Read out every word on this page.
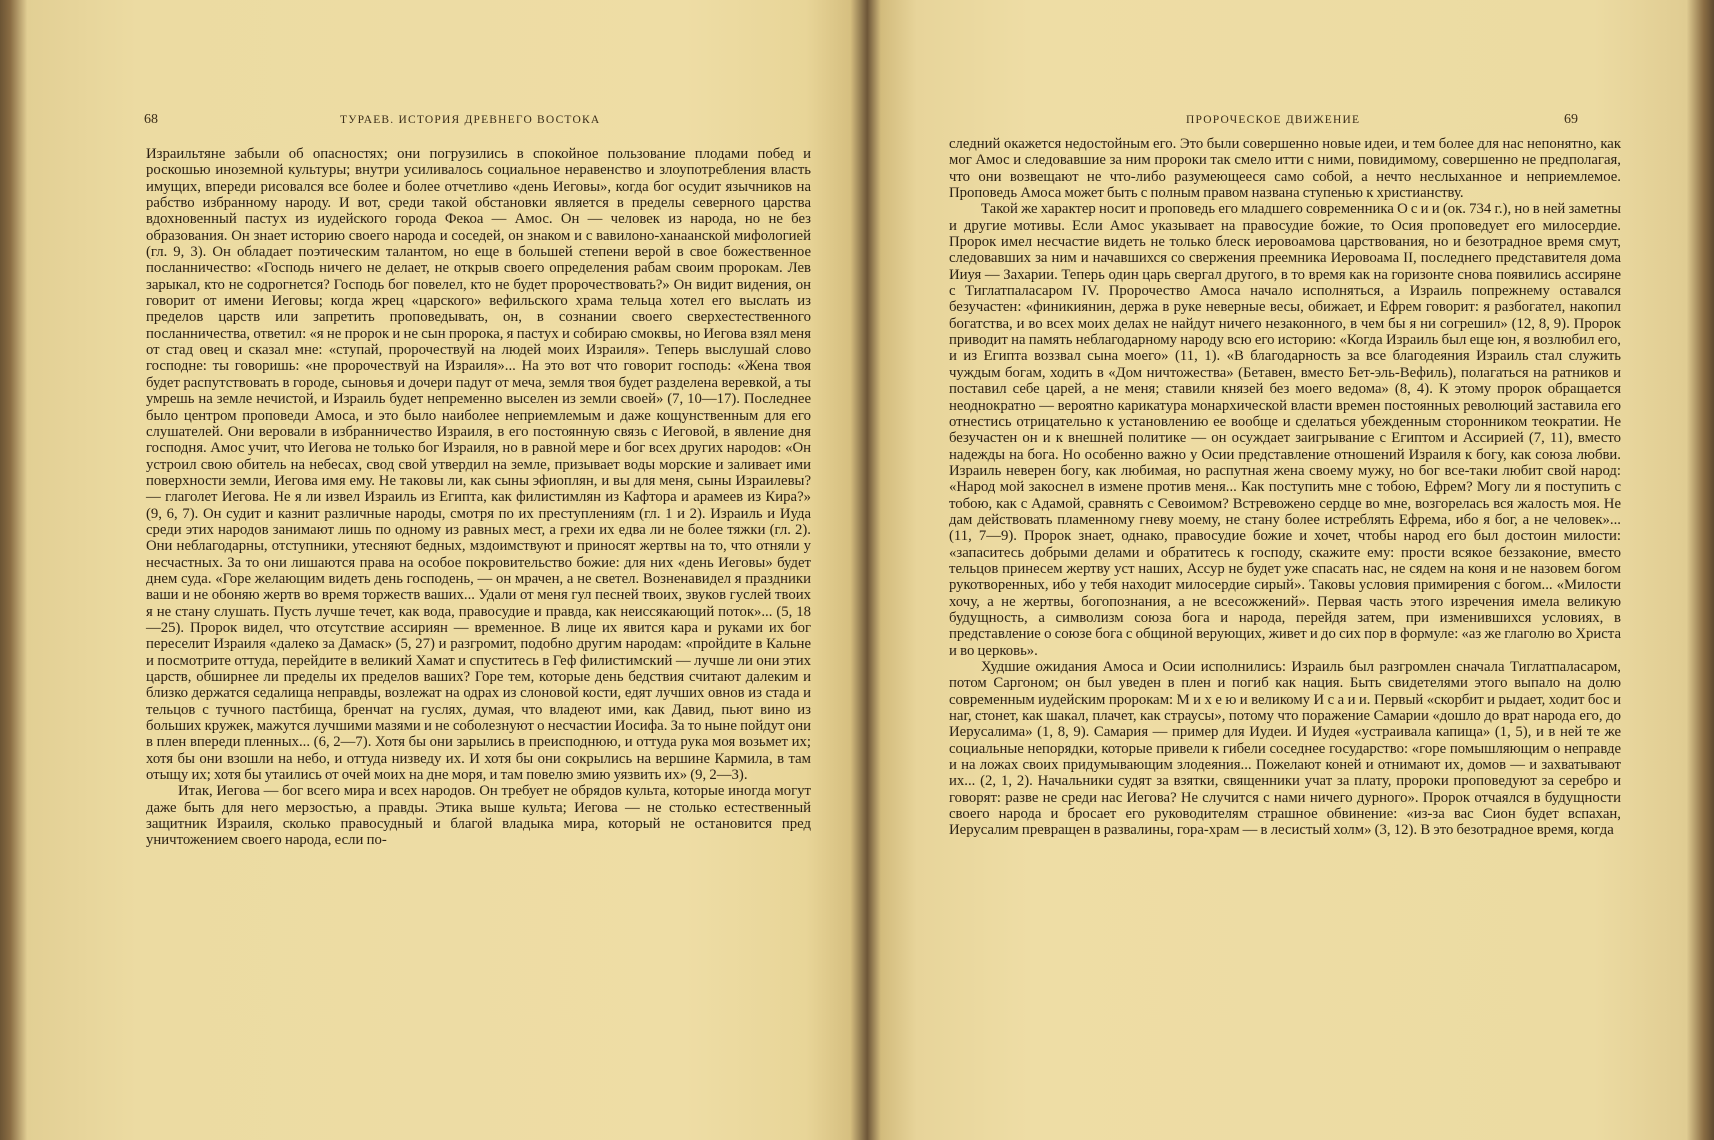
68	ТУРАЕВ. ИСТОРИЯ ДРЕВНЕГО ВОСТОКА

Израильтяне забыли об опасностях; они погрузились в спокойное пользование плодами побед и роскошью иноземной культуры; внутри усиливалось социальное неравенство и злоупотребления власть имущих, впереди рисовался все более и более отчетливо «день Иеговы», когда бог осудит язычников на рабство избранному народу. И вот, среди такой обстановки является в пределы северного царства вдохновенный пастух из иудейского города Фекоа — Амос. Он — человек из народа, но не без образования. Он знает историю своего народа и соседей, он знаком и с вавилоно-ханаанской мифологией (гл. 9, 3). Он обладает поэтическим талантом, но еще в большей степени верой в свое божественное посланничество: «Господь ничего не делает, не открыв своего определения рабам своим пророкам. Лев зарыкал, кто не содрогнется? Господь бог повелел, кто не будет пророчествовать?» Он видит видения, он говорит от имени Иеговы; когда жрец «царского» вефильского храма тельца хотел его выслать из пределов царств или запретить проповедывать, он, в сознании своего сверхестественного посланничества, ответил: «я не пророк и не сын пророка, я пастух и собираю смоквы, но Иегова взял меня от стад овец и сказал мне: «ступай, пророчествуй на людей моих Израиля». Теперь выслушай слово господне: ты говоришь: «не пророчествуй на Израиля»... На это вот что говорит господь: «Жена твоя будет распутствовать в городе, сыновья и дочери падут от меча, земля твоя будет разделена веревкой, а ты умрешь на земле нечистой, и Израиль будет непременно выселен из земли своей» (7, 10—17). Последнее было центром проповеди Амоса, и это было наиболее неприемлемым и даже кощунственным для его слушателей. Они веровали в избранничество Израиля, в его постоянную связь с Иеговой, в явление дня господня. Амос учит, что Иегова не только бог Израиля, но в равной мере и бог всех других народов: «Он устроил свою обитель на небесах, свод свой утвердил на земле, призывает воды морские и заливает ими поверхности земли, Иегова имя ему. Не таковы ли, как сыны эфиоплян, и вы для меня, сыны Израилевы? — глаголет Иегова. Не я ли извел Израиль из Египта, как филистимлян из Кафтора и арамеев из Кира?» (9, 6, 7). Он судит и казнит различные народы, смотря по их преступлениям (гл. 1 и 2). Израиль и Иуда среди этих народов занимают лишь по одному из равных мест, а грехи их едва ли не более тяжки (гл. 2). Они неблагодарны, отступники, утесняют бедных, мздоимствуют и приносят жертвы на то, что отняли у несчастных. За то они лишаются права на особое покровительство божие: для них «день Иеговы» будет днем суда. «Горе желающим видеть день господень, — он мрачен, а не светел. Возненавидел я праздники ваши и не обоняю жертв во время торжеств ваших... Удали от меня гул песней твоих, звуков гуслей твоих я не стану слушать. Пусть лучше течет, как вода, правосудие и правда, как неиссякающий поток»... (5, 18—25). Пророк видел, что отсутствие ассириян — временное. В лице их явится кара и руками их бог переселит Израиля «далеко за Дамаск» (5, 27) и разгромит, подобно другим народам: «пройдите в Кальне и посмотрите оттуда, перейдите в великий Хамат и спуститесь в Геф филистимский — лучше ли они этих царств, обширнее ли пределы их пределов ваших? Горе тем, которые день бедствия считают далеким и близко держатся седалища неправды, возлежат на одрах из слоновой кости, едят лучших овнов из стада и тельцов с тучного пастбища, бренчат на гуслях, думая, что владеют ими, как Давид, пьют вино из больших кружек, мажутся лучшими мазями и не соболезнуют о несчастии Иосифа. За то ныне пойдут они в плен впереди пленных... (6, 2—7). Хотя бы они зарылись в преисподнюю, и оттуда рука моя возьмет их; хотя бы они взошли на небо, и оттуда низведу их. И хотя бы они сокрылись на вершине Кармила, в там отыщу их; хотя бы утаились от очей моих на дне моря, и там повелю змию уязвить их» (9, 2—3).

Итак, Иегова — бог всего мира и всех народов. Он требует не обрядов культа, которые иногда могут даже быть для него мерзостью, а правды. Этика выше культа; Иегова — не столько естественный защитник Израиля, сколько правосудный и благой владыка мира, который не остановится пред уничтожением своего народа, если по-

ПРОРОЧЕСКОЕ ДВИЖЕНИЕ	69

следний окажется недостойным его. Это были совершенно новые идеи, и тем более для нас непонятно, как мог Амос и следовавшие за ним пророки так смело итти с ними, повидимому, совершенно не предполагая, что они возвещают не что-либо разумеющееся само собой, а нечто неслыханное и неприемлемое. Проповедь Амоса может быть с полным правом названа ступенью к христианству.

Такой же характер носит и проповедь его младшего современника О с и и (ок. 734 г.), но в ней заметны и другие мотивы. Если Амос указывает на правосудие божие, то Осия проповедует его милосердие. Пророк имел несчастие видеть не только блеск иеровоамова царствования, но и безотрадное время смут, следовавших за ним и начавшихся со свержения преемника Иеровоама II, последнего представителя дома Ииуя — Захарии. Теперь один царь свергал другого, в то время как на горизонте снова появились ассиряне с Тиглатпаласаром IV. Пророчество Амоса начало исполняться, а Израиль попрежнему оставался безучастен: «финикиянин, держа в руке неверные весы, обижает, и Ефрем говорит: я разбогател, накопил богатства, и во всех моих делах не найдут ничего незаконного, в чем бы я ни согрешил» (12, 8, 9). Пророк приводит на память неблагодарному народу всю его историю: «Когда Израиль был еще юн, я возлюбил его, и из Египта воззвал сына моего» (11, 1). «В благодарность за все благодеяния Израиль стал служить чуждым богам, ходить в «Дом ничтожества» (Бетавен, вместо Бет-эль-Вефиль), полагаться на ратников и поставил себе царей, а не меня; ставили князей без моего ведома» (8, 4). К этому пророк обращается неоднократно — вероятно карикатура монархической власти времен постоянных революций заставила его отнестись отрицательно к установлению ее вообще и сделаться убежденным сторонником теократии. Не безучастен он и к внешней политике — он осуждает заигрывание с Египтом и Ассирией (7, 11), вместо надежды на бога. Но особенно важно у Осии представление отношений Израиля к богу, как союза любви. Израиль неверен богу, как любимая, но распутная жена своему мужу, но бог все-таки любит свой народ: «Народ мой закоснел в измене против меня... Как поступить мне с тобою, Ефрем? Могу ли я поступить с тобою, как с Адамой, сравнять с Севоимом? Встревожено сердце во мне, возгорелась вся жалость моя. Не дам действовать пламенному гневу моему, не стану более истреблять Ефрема, ибо я бог, а не человек»... (11, 7—9). Пророк знает, однако, правосудие божие и хочет, чтобы народ его был достоин милости: «запаситесь добрыми делами и обратитесь к господу, скажите ему: прости всякое беззаконие, вместо тельцов принесем жертву уст наших, Ассур не будет уже спасать нас, не сядем на коня и не назовем богом рукотворенных, ибо у тебя находит милосердие сирый». Таковы условия примирения с богом... «Милости хочу, а не жертвы, богопознания, а не всесожжений». Первая часть этого изречения имела великую будущность, а символизм союза бога и народа, перейдя затем, при изменившихся условиях, в представление о союзе бога с общиной верующих, живет и до сих пор в формуле: «аз же глаголю во Христа и во церковь».

Худшие ожидания Амоса и Осии исполнились: Израиль был разгромлен сначала Тиглатпаласаром, потом Саргоном; он был уведен в плен и погиб как нация. Быть свидетелями этого выпало на долю современным иудейским пророкам: М и х е ю и великому И с а и и. Первый «скорбит и рыдает, ходит бос и наг, стонет, как шакал, плачет, как страусы», потому что поражение Самарии «дошло до врат народа его, до Иерусалима» (1, 8, 9). Самария — пример для Иудеи. И Иудея «устраивала капища» (1, 5), и в ней те же социальные непорядки, которые привели к гибели соседнее государство: «горе помышляющим о неправде и на ложах своих придумывающим злодеяния... Пожелают коней и отнимают их, домов — и захватывают их... (2, 1, 2). Начальники судят за взятки, священники учат за плату, пророки проповедуют за серебро и говорят: разве не среди нас Иегова? Не случится с нами ничего дурного». Пророк отчаялся в будущности своего народа и бросает его руководителям страшное обвинение: «из-за вас Сион будет вспахан, Иерусалим превращен в развалины, гора-храм — в лесистый холм» (3, 12). В это безотрадное время, когда
